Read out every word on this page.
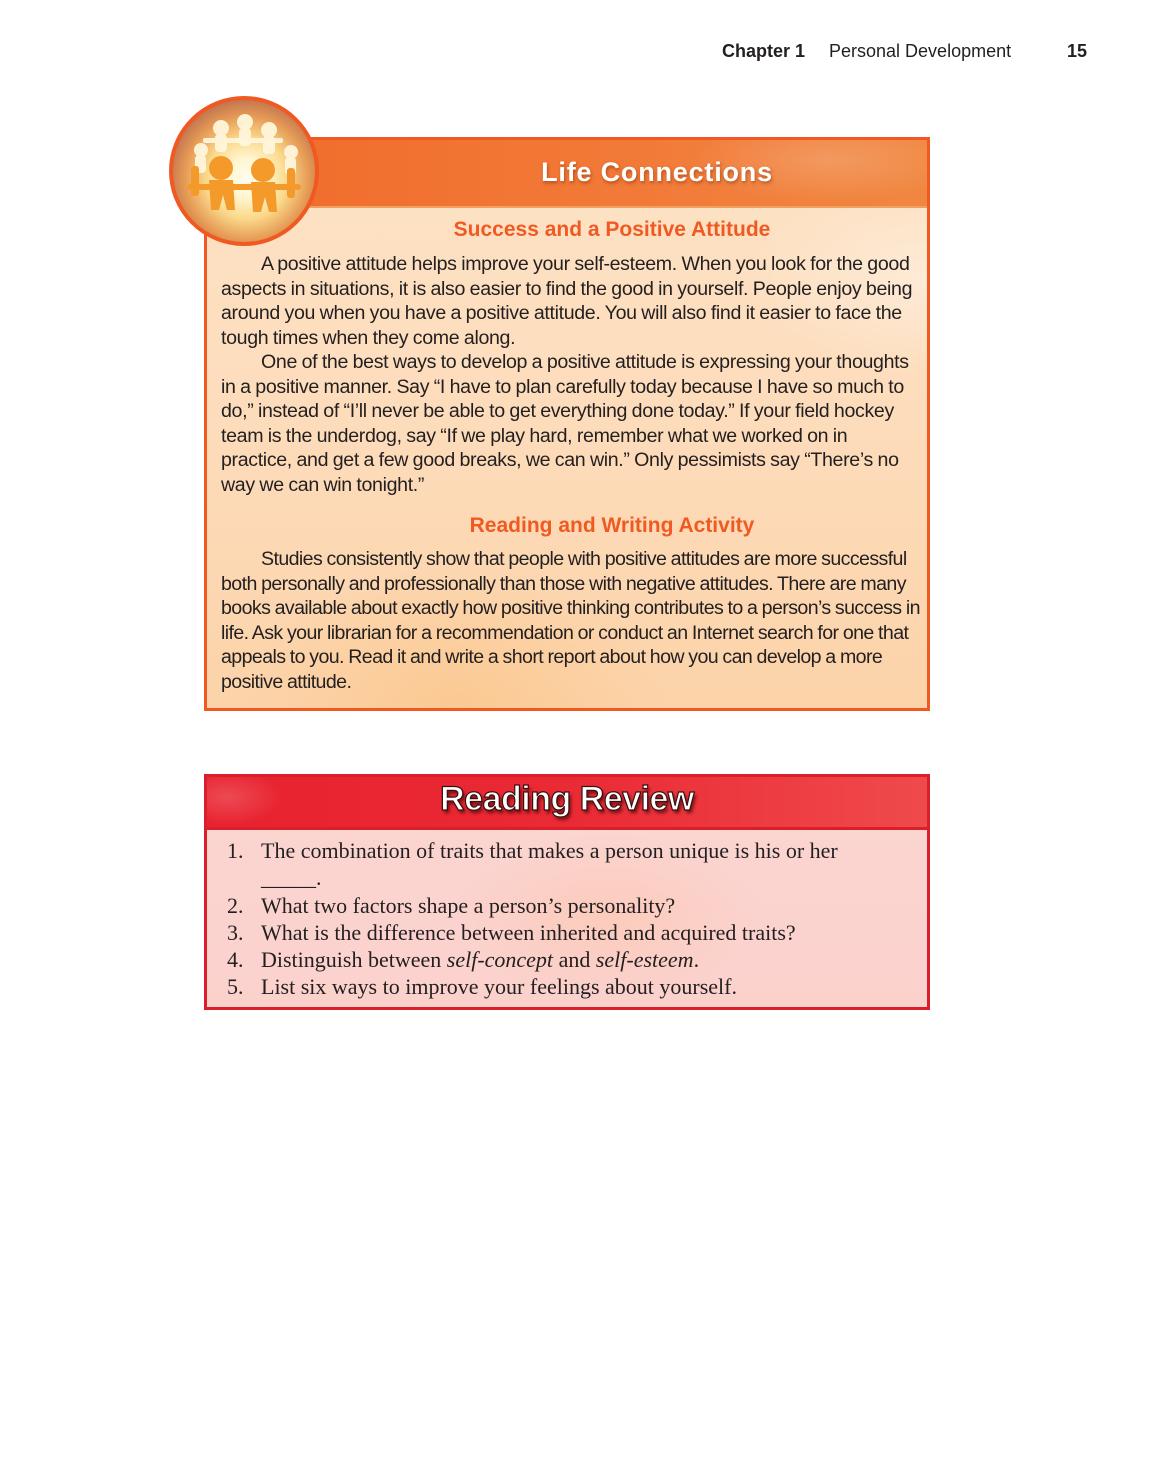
Chapter 1 Personal Development	15
Life Connections
Success and a Positive Attitude

A positive attitude helps improve your self-esteem. When you look for the good aspects in situations, it is also easier to find the good in yourself. People enjoy being around you when you have a positive attitude. You will also find it easier to face the tough times when they come along.

One of the best ways to develop a positive attitude is expressing your thoughts in a positive manner. Say “I have to plan carefully today because I have so much to do,” instead of “I’ll never be able to get everything done today.” If your field hockey team is the underdog, say “If we play hard, remember what we worked on in practice, and get a few good breaks, we can win.” Only pessimists say “There’s no way we can win tonight.”

Reading and Writing Activity

Studies consistently show that people with positive attitudes are more successful both personally and professionally than those with negative attitudes. There are many books available about exactly how positive thinking contributes to a person’s success in life. Ask your librarian for a recommendation or conduct an Internet search for one that appeals to you. Read it and write a short report about how you can develop a more positive attitude.

Reading Review
1. The combination of traits that makes a person unique is his or her
_____.
2. What two factors shape a person’s personality?
3. What is the difference between inherited and acquired traits?
4. Distinguish between self-concept and self-esteem.
5. List six ways to improve your feelings about yourself.
